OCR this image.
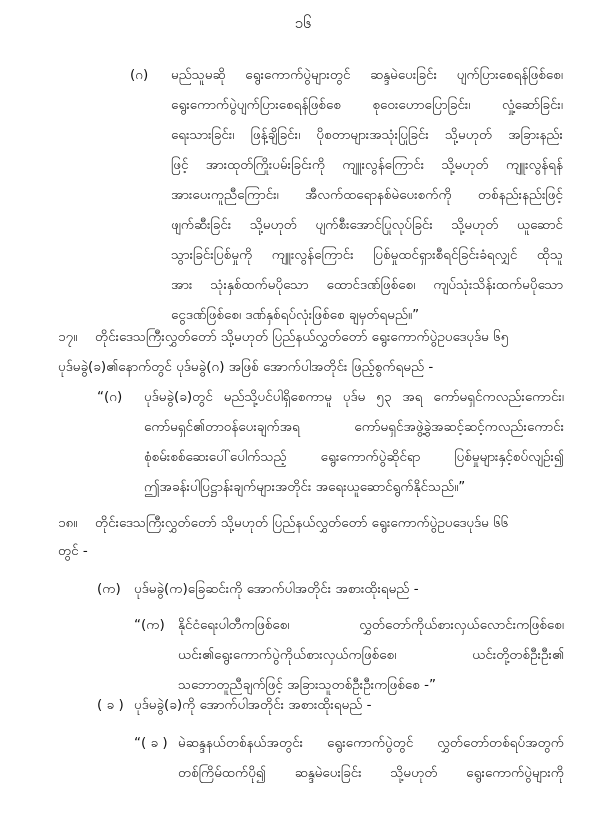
၁၆
(ဂ) မည်သူမဆို ရွေးကောက်ပွဲများတွင် ဆန္ဒမဲပေးခြင်း ပျက်ပြားစေရန်ဖြစ်စေ၊
ရွေးကောက်ပွဲပျက်ပြားစေရန်ဖြစ်စေ စုဝေးဟောပြောခြင်း၊ လှုံ့ဆော်ခြင်း၊
ရေးသားခြင်း၊ ဖြန့်ချိခြင်း၊ ပိုစတာများအသုံးပြုခြင်း သို့မဟုတ် အခြားနည်း
ဖြင့် အားထုတ်ကြိုးပမ်းခြင်းကို ကျူးလွန်ကြောင်း သို့မဟုတ် ကျူးလွန်ရန်
အားပေးကူညီကြောင်း၊ အီလက်ထရောနစ်မဲပေးစက်ကို တစ်နည်းနည်းဖြင့်
ဖျက်ဆီးခြင်း သို့မဟုတ် ပျက်စီးအောင်ပြုလုပ်ခြင်း သို့မဟုတ် ယူဆောင်
သွားခြင်းပြစ်မှုကို ကျူးလွန်ကြောင်း ပြစ်မှုထင်ရှားစီရင်ခြင်းခံရလျှင် ထိုသူ
အား သုံးနှစ်ထက်မပိုသော ထောင်ဒဏ်ဖြစ်စေ၊ ကျပ်သုံးသိန်းထက်မပိုသော
ငွေဒဏ်ဖြစ်စေ၊ ဒဏ်နှစ်ရပ်လုံးဖြစ်စေ ချမှတ်ရမည်။”
၁၇။ တိုင်းဒေသကြီးလွှတ်တော် သို့မဟုတ် ပြည်နယ်လွှတ်တော် ရွေးကောက်ပွဲဥပဒေပုဒ်မ ၆၅
ပုဒ်မခွဲ(ခ)၏နောက်တွင် ပုဒ်မခွဲ(ဂ) အဖြစ် အောက်ပါအတိုင်း ဖြည့်စွက်ရမည် -
“(ဂ) ပုဒ်မခွဲ(ခ)တွင် မည်သို့ပင်ပါရှိစေကာမူ ပုဒ်မ ၅၃ အရ ကော်မရှင်ကလည်းကောင်း၊
ကော်မရှင်၏တာဝန်ပေးချက်အရ ကော်မရှင်အဖွဲ့ခွဲအဆင့်ဆင့်ကလည်းကောင်း
စုံစမ်းစစ်ဆေးပေါ်ပေါက်သည့် ရွေးကောက်ပွဲဆိုင်ရာ ပြစ်မှုများနှင့်စပ်လျဉ်း၍
ဤအခန်းပါပြဋ္ဌာန်းချက်များအတိုင်း အရေးယူဆောင်ရွက်နိုင်သည်။”
၁၈။ တိုင်းဒေသကြီးလွှတ်တော် သို့မဟုတ် ပြည်နယ်လွှတ်တော် ရွေးကောက်ပွဲဥပဒေပုဒ်မ ၆၆
တွင် -
(က) ပုဒ်မခွဲ(က)ခြေဆင်းကို အောက်ပါအတိုင်း အစားထိုးရမည် -
“(က) နိုင်ငံရေးပါတီကဖြစ်စေ၊ လွှတ်တော်ကိုယ်စားလှယ်လောင်းကဖြစ်စေ၊
ယင်း၏ရွေးကောက်ပွဲကိုယ်စားလှယ်ကဖြစ်စေ၊ ယင်းတို့တစ်ဦးဦး၏
သဘောတူညီချက်ဖြင့် အခြားသူတစ်ဦးဦးကဖြစ်စေ -”
( ခ ) ပုဒ်မခွဲ(ခ)ကို အောက်ပါအတိုင်း အစားထိုးရမည် -
“( ခ ) မဲဆန္ဒနယ်တစ်နယ်အတွင်း ရွေးကောက်ပွဲတွင် လွှတ်တော်တစ်ရပ်အတွက်
တစ်ကြိမ်ထက်ပို၍ ဆန္ဒမဲပေးခြင်း သို့မဟုတ် ရွေးကောက်ပွဲများကို
